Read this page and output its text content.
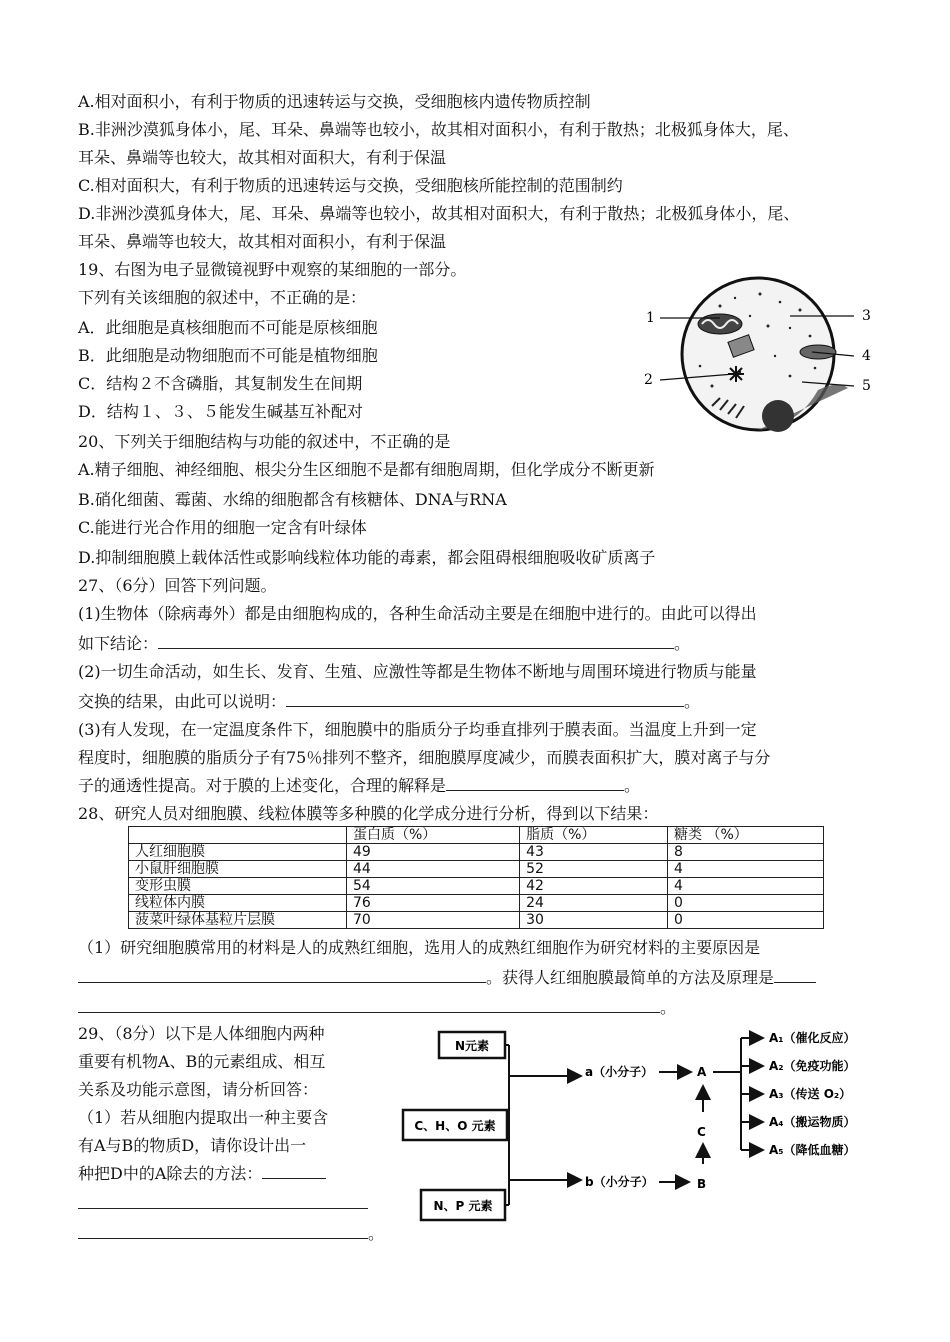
A.相对面积小，有利于物质的迅速转运与交换，受细胞核内遗传物质控制
B.非洲沙漠狐身体小，尾、耳朵、鼻端等也较小，故其相对面积小，有利于散热；北极狐身体大，尾、
耳朵、鼻端等也较大，故其相对面积大，有利于保温
C.相对面积大，有利于物质的迅速转运与交换，受细胞核所能控制的范围制约
D.非洲沙漠狐身体大，尾、耳朵、鼻端等也较小，故其相对面积大，有利于散热；北极狐身体小，尾、
耳朵、鼻端等也较大，故其相对面积小，有利于保温
19、右图为电子显微镜视野中观察的某细胞的一部分。
下列有关该细胞的叙述中，不正确的是：
A．此细胞是真核细胞而不可能是原核细胞
B．此细胞是动物细胞而不可能是植物细胞
C．结构２不含磷脂，其复制发生在间期
D．结构１、３、５能发生碱基互补配对
1
2
3
4
5
20、下列关于细胞结构与功能的叙述中，不正确的是
A.精子细胞、神经细胞、根尖分生区细胞不是都有细胞周期，但化学成分不断更新
B.硝化细菌、霉菌、水绵的细胞都含有核糖体、DNA与RNA
C.能进行光合作用的细胞一定含有叶绿体
D.抑制细胞膜上载体活性或影响线粒体功能的毒素，都会阻碍根细胞吸收矿质离子
27、（6分）回答下列问题。
(1)生物体（除病毒外）都是由细胞构成的，各种生命活动主要是在细胞中进行的。由此可以得出
如下结论：	。
(2)一切生命活动，如生长、发育、生殖、应激性等都是生物体不断地与周围环境进行物质与能量
交换的结果，由此可以说明：	。
(3)有人发现，在一定温度条件下，细胞膜中的脂质分子均垂直排列于膜表面。当温度上升到一定
程度时，细胞膜的脂质分子有75％排列不整齐，细胞膜厚度减少，而膜表面积扩大，膜对离子与分
子的通透性提高。对于膜的上述变化，合理的解释是	。
28、研究人员对细胞膜、线粒体膜等多种膜的化学成分进行分析，得到以下结果：
	蛋白质（%）	脂质（%）	糖类 （%）
人红细胞膜	49	43	8
小鼠肝细胞膜	44	52	4
变形虫膜	54	42	4
线粒体内膜	76	24	0
菠菜叶绿体基粒片层膜	70	30	0
（1）研究细胞膜常用的材料是人的成熟红细胞，选用人的成熟红细胞作为研究材料的主要原因是
。获得人红细胞膜最简单的方法及原理是
。
29、（8分）以下是人体细胞内两种
重要有机物A、B的元素组成、相互
关系及功能示意图，请分析回答：
（1）若从细胞内提取出一种主要含
有A与B的物质D，请你设计出一
种把D中的A除去的方法：
。
N元素
C、H、O 元素
N、P 元素
a（小分子）
b（小分子）
A
B
C
A₁（催化反应）
A₂（免疫功能）
A₃（传送 O₂）
A₄（搬运物质）
A₅（降低血糖）
